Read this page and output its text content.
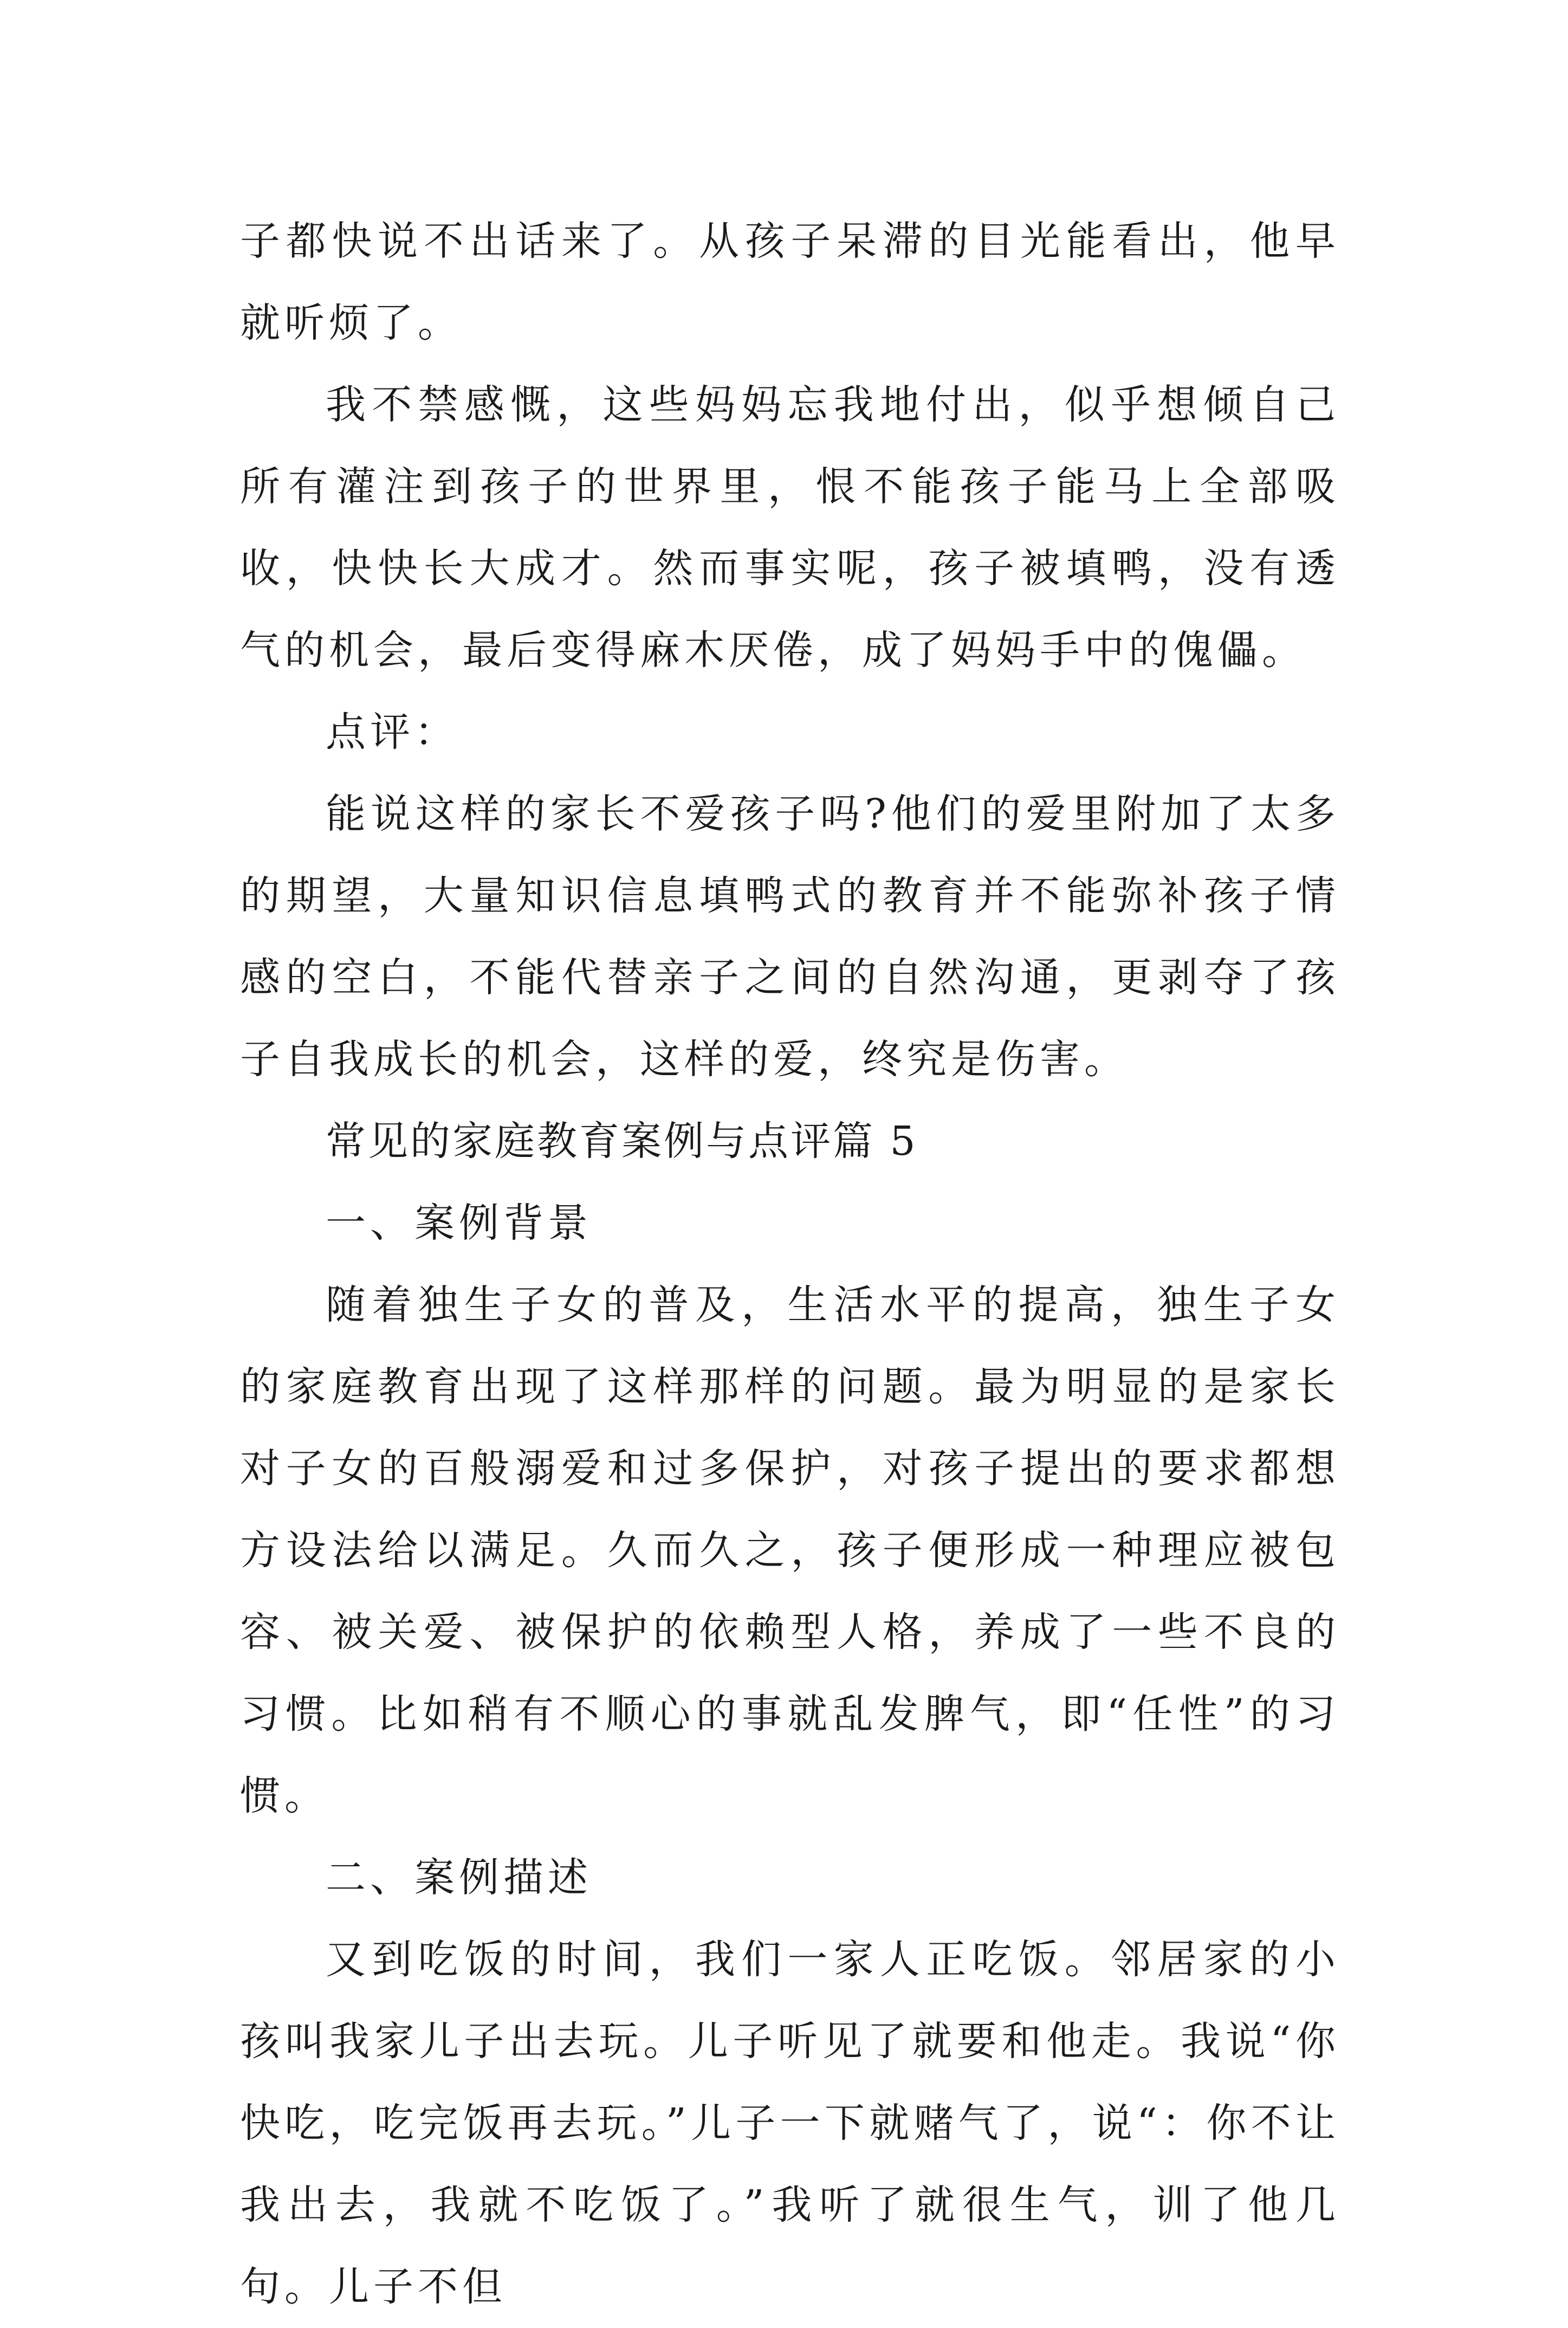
子都快说不出话来了。从孩子呆滞的目光能看出，他早就听烦了。

我不禁感慨，这些妈妈忘我地付出，似乎想倾自己所有灌注到孩子的世界里，恨不能孩子能马上全部吸收，快快长大成才。然而事实呢，孩子被填鸭，没有透气的机会，最后变得麻木厌倦，成了妈妈手中的傀儡。

点评：

能说这样的家长不爱孩子吗?他们的爱里附加了太多的期望，大量知识信息填鸭式的教育并不能弥补孩子情感的空白，不能代替亲子之间的自然沟通，更剥夺了孩子自我成长的机会，这样的爱，终究是伤害。

常见的家庭教育案例与点评篇 5

一、案例背景

随着独生子女的普及，生活水平的提高，独生子女的家庭教育出现了这样那样的问题。最为明显的是家长对子女的百般溺爱和过多保护，对孩子提出的要求都想方设法给以满足。久而久之，孩子便形成一种理应被包容、被关爱、被保护的依赖型人格，养成了一些不良的习惯。比如稍有不顺心的事就乱发脾气，即“任性”的习惯。

二、案例描述

又到吃饭的时间，我们一家人正吃饭。邻居家的小孩叫我家儿子出去玩。儿子听见了就要和他走。我说“你快吃，吃完饭再去玩。”儿子一下就赌气了，说“：你不让我出去，我就不吃饭了。”我听了就很生气，训了他几句。儿子不但
